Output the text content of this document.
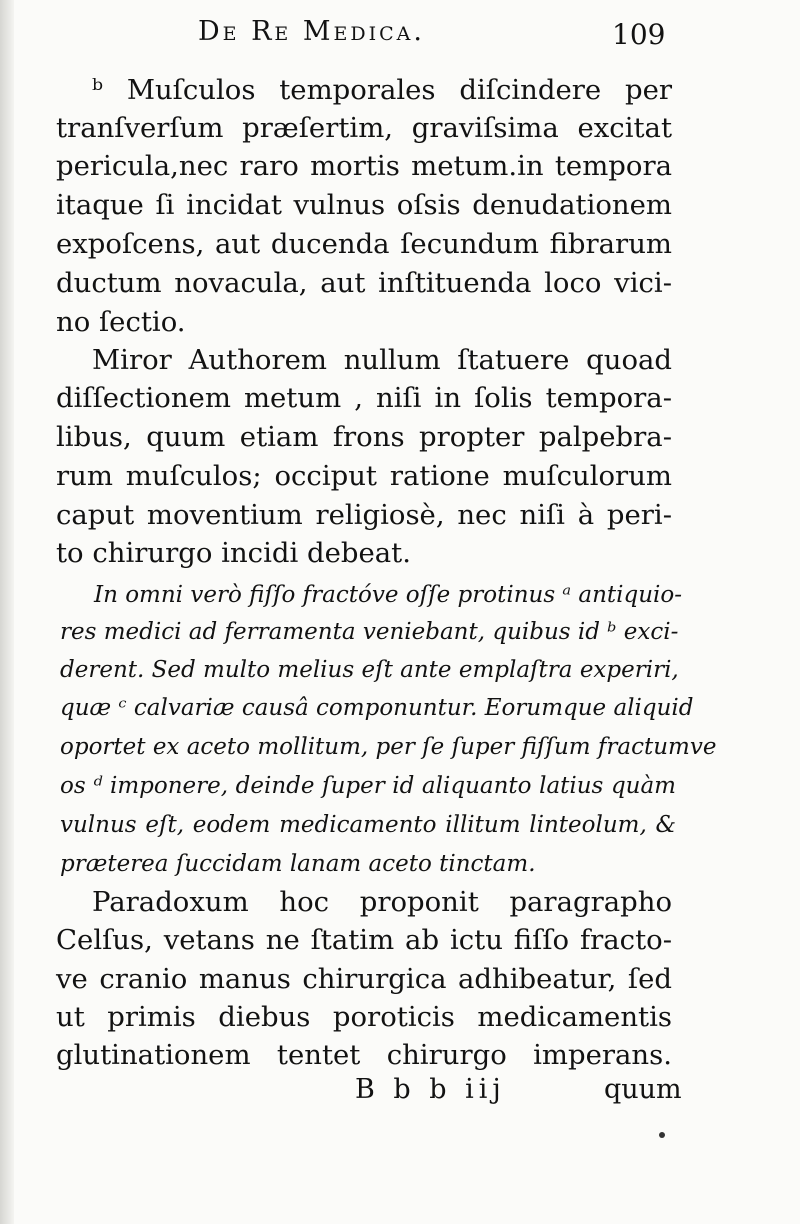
De Re Medica.	109
ᵇ Muſculos temporales diſcindere per
tranſverſum præſertim, graviſsima excitat
pericula,nec raro mortis metum.in tempora
itaque ſi incidat vulnus oſsis denudationem
expoſcens, aut ducenda ſecundum fibrarum
ductum novacula, aut inſtituenda loco vici-
no ſectio.
Miror Authorem nullum ſtatuere quoad
diſſectionem metum , niſi in ſolis tempora-
libus, quum etiam frons propter palpebra-
rum muſculos; occiput ratione muſculorum
caput moventium religiosè, nec niſi à peri-
to chirurgo incidi debeat.
In omni verò fiſſo fractóve oſſe protinus ᵃ antiquio-
res medici ad ferramenta veniebant, quibus id ᵇ exci-
derent. Sed multo melius eſt ante emplaſtra experiri,
quæ ᶜ calvariæ causâ componuntur. Eorumque aliquid
oportet ex aceto mollitum, per ſe ſuper fiſſum fractumve
os ᵈ imponere, deinde ſuper id aliquanto latius quàm
vulnus eſt, eodem medicamento illitum linteolum, &
præterea ſuccidam lanam aceto tinctam.
Paradoxum hoc proponit paragrapho
Celſus, vetans ne ſtatim ab ictu fiſſo fracto-
ve cranio manus chirurgica adhibeatur, ſed
ut primis diebus poroticis medicamentis
glutinationem tentet chirurgo imperans.
B b b iij	quum
